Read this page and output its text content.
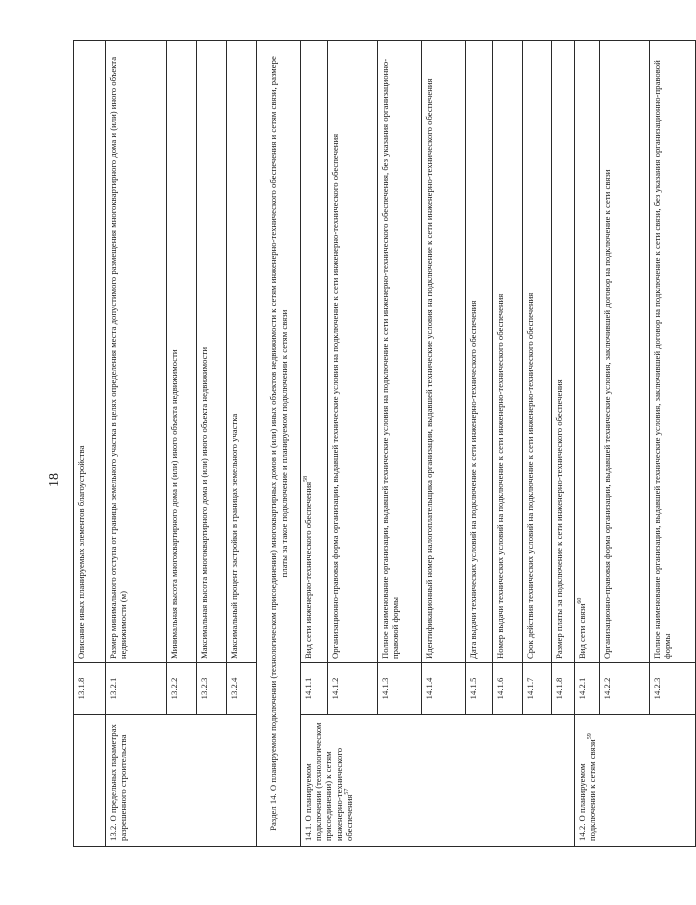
18
	13.1.8	Описание иных планируемых элементов благоустройства
13.2. О предельных параметрах разрешенного строительства	13.2.1	Размер минимального отступа от границы земельного участка в целях определения места допустимого размещения многоквартирного дома и (или) иного объекта недвижимости (м)
	13.2.2	Минимальная высота многоквартирного дома и (или) иного объекта недвижимости
	13.2.3	Максимальная высота многоквартирного дома и (или) иного объекта недвижимости
	13.2.4	Максимальный процент застройки в границах земельного участка
Раздел 14. О планируемом подключении (технологическом присоединении) многоквартирных домов и (или) иных объектов недвижимости к сетям инженерно-технического обеспечения и сетям связи, размере платы за такое подключение и планируемом подключении к сетям связи		
14.1. О планируемом подключении (технологическом присоединении) к сетям инженерно-технического обеспечения$^{57}$	14.1.1	Вид сети инженерно-технического обеспечения$^{58}$
	14.1.2	Организационно-правовая форма организации, выдавшей технические условия на подключение к сети инженерно-технического обеспечения
	14.1.3	Полное наименование организации, выдавшей технические условия на подключение к сети инженерно-технического обеспечения, без указания организационно-правовой формы
	14.1.4	Идентификационный номер налогоплательщика организации, выдавшей технические условия на подключение к сети инженерно-технического обеспечения
	14.1.5	Дата выдачи технических условий на подключение к сети инженерно-технического обеспечения
	14.1.6	Номер выдачи технических условий на подключение к сети инженерно-технического обеспечения
	14.1.7	Срок действия технических условий на подключение к сети инженерно-технического обеспечения
	14.1.8	Размер платы за подключение к сети инженерно-технического обеспечения
14.2. О планируемом подключении к сетям связи$^{59}$	14.2.1	Вид сети связи$^{60}$
	14.2.2	Организационно-правовая форма организации, выдавшей технические условия, заключившей договор на подключение к сети связи
	14.2.3	Полное наименование организации, выдавшей технические условия, заключившей договор на подключение к сети связи, без указания организационно-правовой формы
